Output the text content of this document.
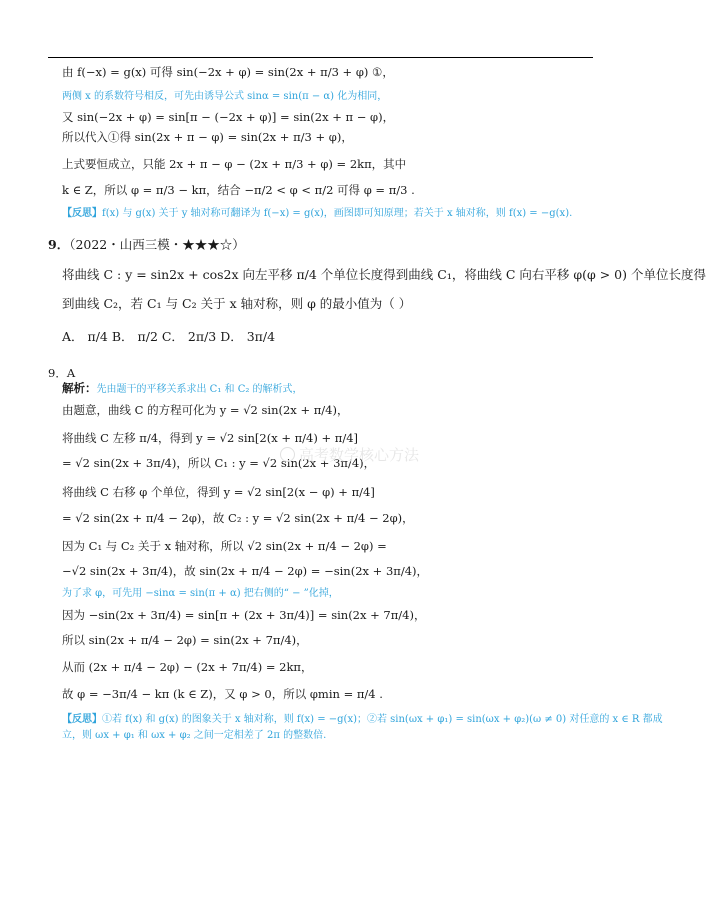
由 f(−x) = g(x) 可得 sin(−2x + φ) = sin(2x + π/3 + φ) ①，
两侧 x 的系数符号相反，可先由诱导公式 sinα = sin(π − α) 化为相同，
又 sin(−2x + φ) = sin[π − (−2x + φ)] = sin(2x + π − φ)，
所以代入①得 sin(2x + π − φ) = sin(2x + π/3 + φ)，
上式要恒成立，只能 2x + π − φ − (2x + π/3 + φ) = 2kπ，其中
k ∈ Z，所以 φ = π/3 − kπ，结合 −π/2 < φ < π/2 可得 φ = π/3 .
【反思】f(x) 与 g(x) 关于 y 轴对称可翻译为 f(−x) = g(x)，画图即可知原理；若关于 x 轴对称，则 f(x) = −g(x).
9．（2022・山西三模・★★★☆）
将曲线 C : y = sin2x + cos2x 向左平移 π/4 个单位长度得到曲线 C₁，将曲线 C 向右平移 φ(φ > 0) 个单位长度得
到曲线 C₂，若 C₁ 与 C₂ 关于 x 轴对称，则 φ 的最小值为（ ）
A． π/4 B． π/2 C． 2π/3 D． 3π/4
9．A
解析：先由题干的平移关系求出 C₁ 和 C₂ 的解析式，
由题意，曲线 C 的方程可化为 y = √2 sin(2x + π/4)，
将曲线 C 左移 π/4，得到 y = √2 sin[2(x + π/4) + π/4]
= √2 sin(2x + 3π/4)，所以 C₁ : y = √2 sin(2x + 3π/4)，
将曲线 C 右移 φ 个单位，得到 y = √2 sin[2(x − φ) + π/4]
= √2 sin(2x + π/4 − 2φ)，故 C₂ : y = √2 sin(2x + π/4 − 2φ)，
因为 C₁ 与 C₂ 关于 x 轴对称，所以 √2 sin(2x + π/4 − 2φ) =
−√2 sin(2x + 3π/4)，故 sin(2x + π/4 − 2φ) = −sin(2x + 3π/4)，
为了求 φ，可先用 −sinα = sin(π + α) 把右侧的“ − ”化掉，
因为 −sin(2x + 3π/4) = sin[π + (2x + 3π/4)] = sin(2x + 7π/4)，
所以 sin(2x + π/4 − 2φ) = sin(2x + 7π/4)，
从而 (2x + π/4 − 2φ) − (2x + 7π/4) = 2kπ，
故 φ = −3π/4 − kπ (k ∈ Z)，又 φ > 0，所以 φmin = π/4 .
【反思】①若 f(x) 和 g(x) 的图象关于 x 轴对称，则 f(x) = −g(x)；②若 sin(ωx + φ₁) = sin(ωx + φ₂)(ω ≠ 0) 对任意的 x ∈ R 都成
立，则 ωx + φ₁ 和 ωx + φ₂ 之间一定相差了 2π 的整数倍.
高考数学核心方法
